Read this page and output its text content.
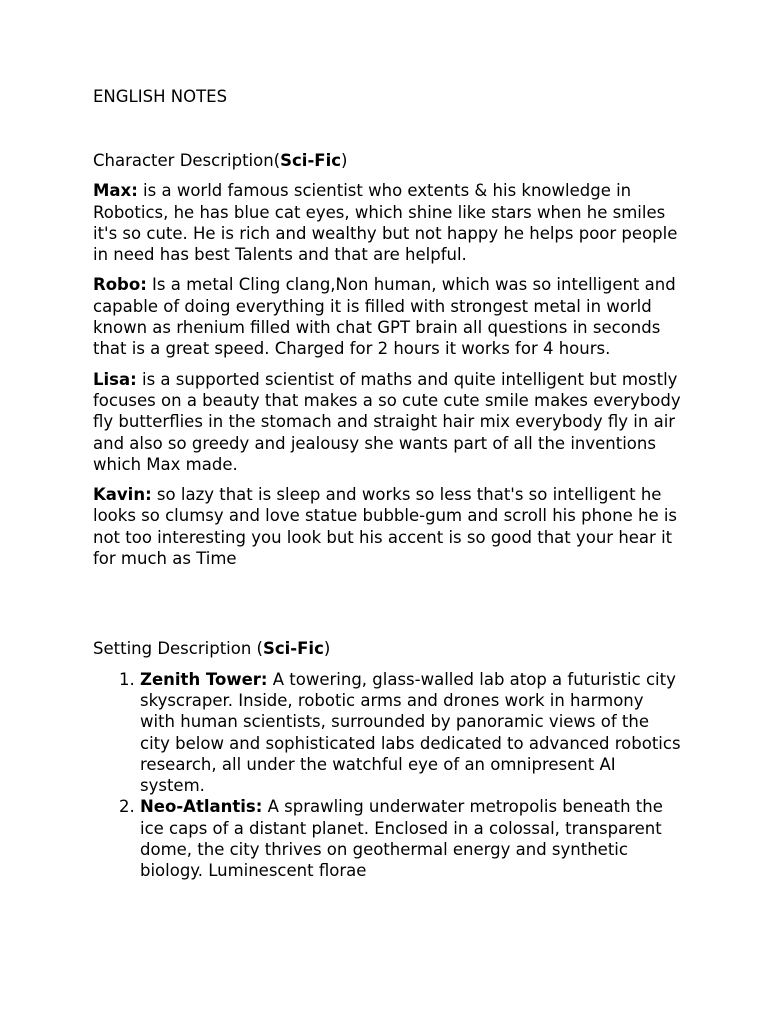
ENGLISH NOTES

Character Description(Sci-Fic)

Max: is a world famous scientist who extents & his knowledge in Robotics, he has blue cat eyes, which shine like stars when he smiles it's so cute. He is rich and wealthy but not happy he helps poor people in need has best Talents and that are helpful.

Robo: Is a metal Cling clang,Non human, which was so intelligent and capable of doing everything it is filled with strongest metal in world known as rhenium filled with chat GPT brain all questions in seconds that is a great speed. Charged for 2 hours it works for 4 hours.

Lisa: is a supported scientist of maths and quite intelligent but mostly focuses on a beauty that makes a so cute cute smile makes everybody fly butterflies in the stomach and straight hair mix everybody fly in air and also so greedy and jealousy she wants part of all the inventions which Max made.

Kavin: so lazy that is sleep and works so less that's so intelligent he looks so clumsy and love statue bubble-gum and scroll his phone he is not too interesting you look but his accent is so good that your hear it for much as Time

Setting Description (Sci-Fic)

1. Zenith Tower: A towering, glass-walled lab atop a futuristic city skyscraper. Inside, robotic arms and drones work in harmony with human scientists, surrounded by panoramic views of the city below and sophisticated labs dedicated to advanced robotics research, all under the watchful eye of an omnipresent AI system.
2. Neo-Atlantis: A sprawling underwater metropolis beneath the ice caps of a distant planet. Enclosed in a colossal, transparent dome, the city thrives on geothermal energy and synthetic biology. Luminescent florae
